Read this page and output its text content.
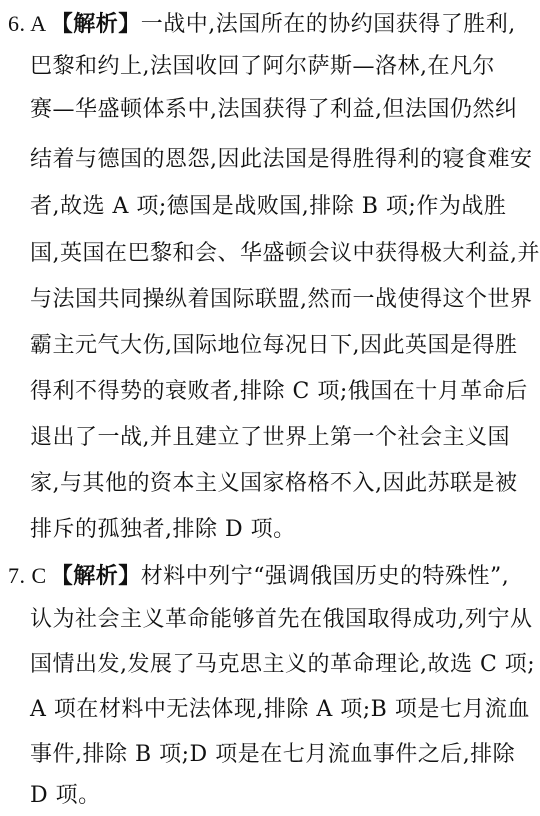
6. A 【解析】一战中,法国所在的协约国获得了胜利,
巴黎和约上,法国收回了阿尔萨斯—洛林,在凡尔
赛—华盛顿体系中,法国获得了利益,但法国仍然纠
结着与德国的恩怨,因此法国是得胜得利的寝食难安
者,故选 A 项;德国是战败国,排除 B 项;作为战胜
国,英国在巴黎和会、华盛顿会议中获得极大利益,并
与法国共同操纵着国际联盟,然而一战使得这个世界
霸主元气大伤,国际地位每况日下,因此英国是得胜
得利不得势的衰败者,排除 C 项;俄国在十月革命后
退出了一战,并且建立了世界上第一个社会主义国
家,与其他的资本主义国家格格不入,因此苏联是被
排斥的孤独者,排除 D 项。
7. C 【解析】材料中列宁“强调俄国历史的特殊性”,
认为社会主义革命能够首先在俄国取得成功,列宁从
国情出发,发展了马克思主义的革命理论,故选 C 项;
A 项在材料中无法体现,排除 A 项;B 项是七月流血
事件,排除 B 项;D 项是在七月流血事件之后,排除
D 项。
